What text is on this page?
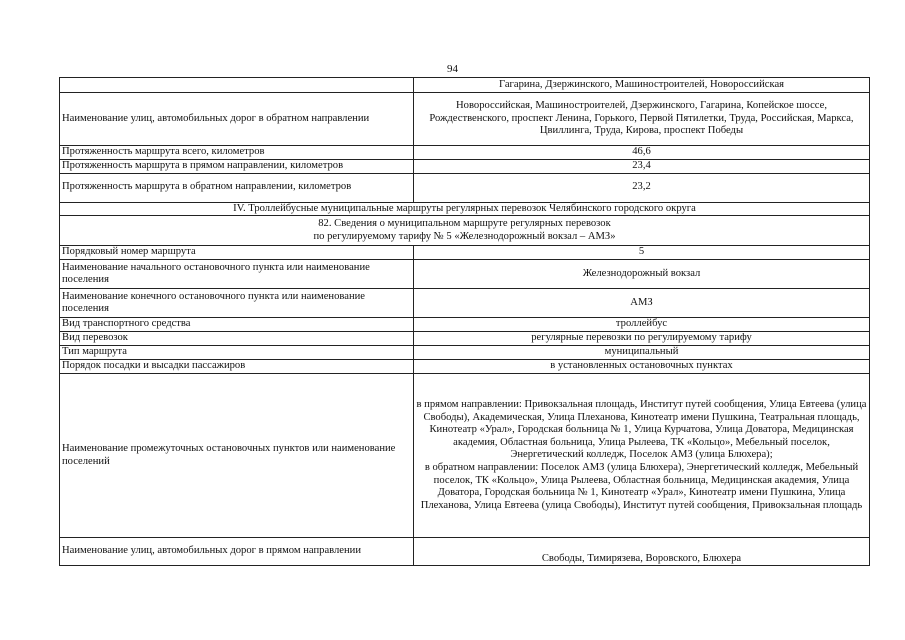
94
	Гагарина, Дзержинского, Машиностроителей, Новороссийская
Наименование улиц, автомобильных дорог в обратном направлении	Новороссийская, Машиностроителей, Дзержинского, Гагарина, Копейское шоссе, Рождественского, проспект Ленина, Горького, Первой Пятилетки, Труда, Российская, Маркса, Цвиллинга, Труда, Кирова, проспект Победы
Протяженность маршрута всего, километров	46,6
Протяженность маршрута в прямом направлении, километров	23,4
Протяженность маршрута в обратном направлении, километров	23,2
IV. Троллейбусные муниципальные маршруты регулярных перевозок Челябинского городского округа	
82. Сведения о муниципальном маршруте регулярных перевозок
по регулируемому тарифу № 5 «Железнодорожный вокзал – АМЗ»	
Порядковый номер маршрута	5
Наименование начального остановочного пункта или наименование поселения	Железнодорожный вокзал
Наименование конечного остановочного пункта или наименование поселения	АМЗ
Вид транспортного средства	троллейбус
Вид перевозок	регулярные перевозки по регулируемому тарифу
Тип маршрута	муниципальный
Порядок посадки и высадки пассажиров	в установленных остановочных пунктах
Наименование промежуточных остановочных пунктов или наименование поселений	в прямом направлении: Привокзальная площадь, Институт путей сообщения, Улица Евтеева (улица Свободы), Академическая, Улица Плеханова, Кинотеатр имени Пушкина, Театральная площадь, Кинотеатр «Урал», Городская больница № 1, Улица Курчатова, Улица Доватора, Медицинская академия, Областная больница, Улица Рылеева, ТК «Кольцо», Мебельный поселок, Энергетический колледж, Поселок АМЗ (улица Блюхера);
в обратном направлении: Поселок АМЗ (улица Блюхера), Энергетический колледж, Мебельный поселок, ТК «Кольцо», Улица Рылеева, Областная больница, Медицинская академия, Улица Доватора, Городская больница № 1, Кинотеатр «Урал», Кинотеатр имени Пушкина, Улица Плеханова, Улица Евтеева (улица Свободы), Институт путей сообщения, Привокзальная площадь
Наименование улиц, автомобильных дорог в прямом направлении	Свободы, Тимирязева, Воровского, Блюхера
